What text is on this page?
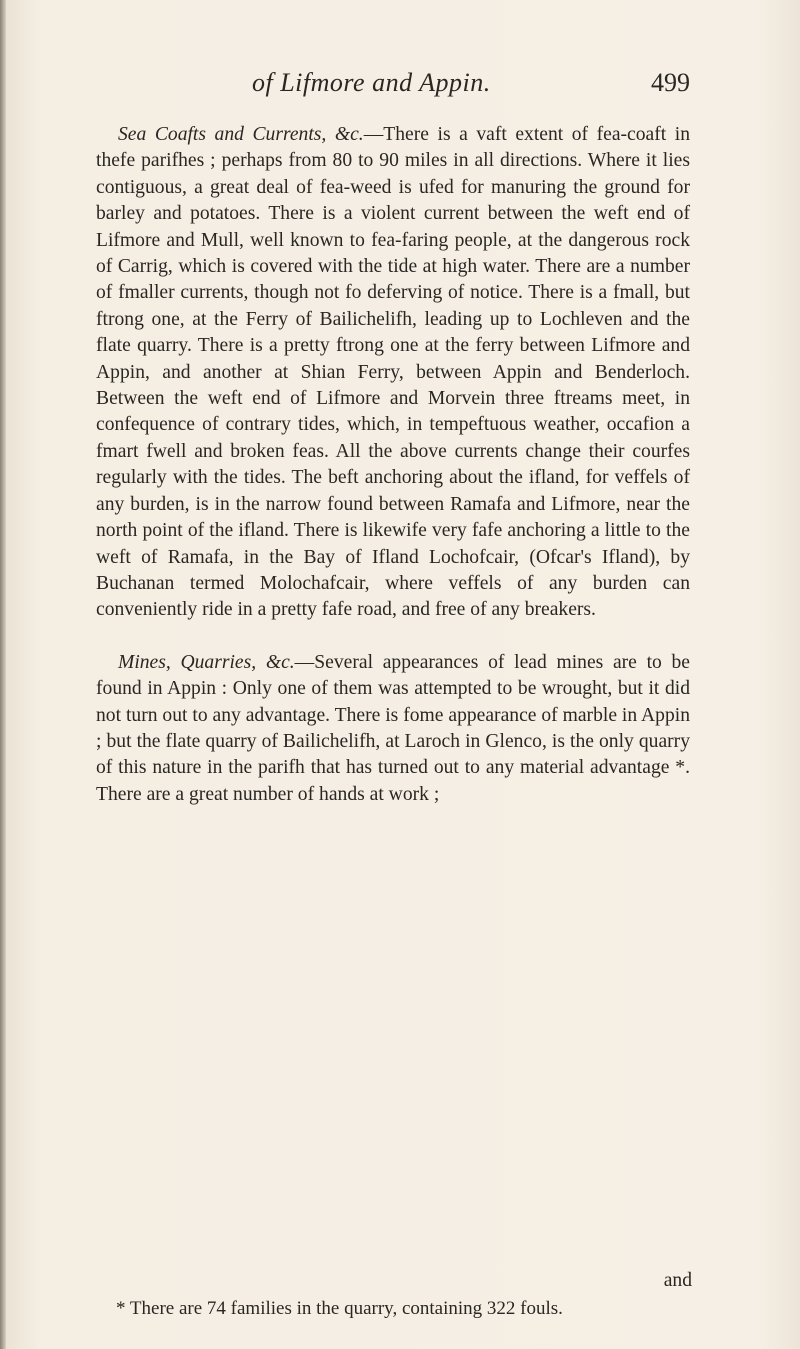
of Lifmore and Appin.	499

Sea Coafts and Currents, &c.—There is a vaft extent of fea-coaft in thefe parifhes ; perhaps from 80 to 90 miles in all directions. Where it lies contiguous, a great deal of fea-weed is ufed for manuring the ground for barley and potatoes. There is a violent current between the weft end of Lifmore and Mull, well known to fea-faring people, at the dangerous rock of Carrig, which is covered with the tide at high water. There are a number of fmaller currents, though not fo deferving of notice. There is a fmall, but ftrong one, at the Ferry of Bailichelifh, leading up to Lochleven and the flate quarry. There is a pretty ftrong one at the ferry between Lifmore and Appin, and another at Shian Ferry, between Appin and Benderloch. Between the weft end of Lifmore and Morvein three ftreams meet, in confequence of contrary tides, which, in tempeftuous weather, occafion a fmart fwell and broken feas. All the above currents change their courfes regularly with the tides. The beft anchoring about the ifland, for veffels of any burden, is in the narrow found between Ramafa and Lifmore, near the north point of the ifland. There is likewife very fafe anchoring a little to the weft of Ramafa, in the Bay of Ifland Lochofcair, (Ofcar's Ifland), by Buchanan termed Molochafcair, where veffels of any burden can conveniently ride in a pretty fafe road, and free of any breakers.

Mines, Quarries, &c.—Several appearances of lead mines are to be found in Appin : Only one of them was attempted to be wrought, but it did not turn out to any advantage. There is fome appearance of marble in Appin ; but the flate quarry of Bailichelifh, at Laroch in Glenco, is the only quarry of this nature in the parifh that has turned out to any material advantage *. There are a great number of hands at work ;

and
* There are 74 families in the quarry, containing 322 fouls.
